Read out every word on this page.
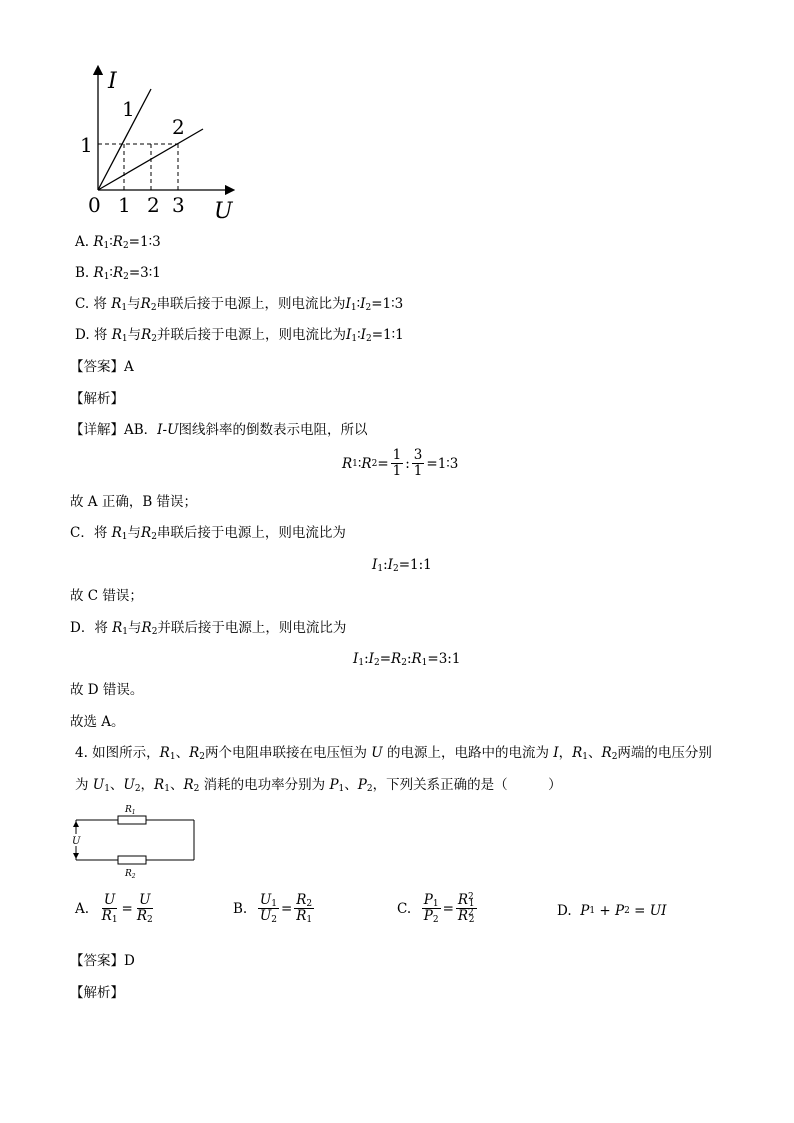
I
U
0
1
1 2 3
1
2
A. $R_1∶R_2=1∶3$
B. $R_1∶R_2=3∶1$
C. 将 $R_1$与$R_2$串联后接于电源上，则电流比为$I_1∶I_2=1∶3$
D. 将 $R_1$与$R_2$并联后接于电源上，则电流比为$I_1∶I_2=1∶1$
【答案】A
【解析】
【详解】AB．I-U图线斜率的倒数表示电阻，所以
R 1 ∶ R $2 = \frac{1}{1}$ : $\frac{3}{1}$ =1∶3
故 A 正确，B 错误；
C．将 $R_1$与$R_2$串联后接于电源上，则电流比为
$I_1:I_2=1:1$
故 C 错误；
D．将 $R_1$与$R_2$并联后接于电源上，则电流比为
$I_1:I_2=R_2:R_1=3:1$
故 D 错误。
故选 A。
4. 如图所示，$R_1$、$R_2$两个电阻串联接在电压恒为 U 的电源上，电路中的电流为 I，$R_1$、$R_2$两端的电压分别
为 $U_1$、$U_2$，$R_1$、$R_2$ 消耗的电功率分别为 $P_1$、$P_2$，下列关系正确的是（　　　）
$R_1$
$R_2$
U
A.
$\frac{U}{R_1} = \frac{U}{R_2}$	B.
$\frac{U_1}{U_2} = \frac{R_2}{R_1}$	C.
$\frac{P_1}{P_2} = \frac{R^2_1}{R^2_2}$	D.
P 1 + P 2 = UI
【答案】D
【解析】
